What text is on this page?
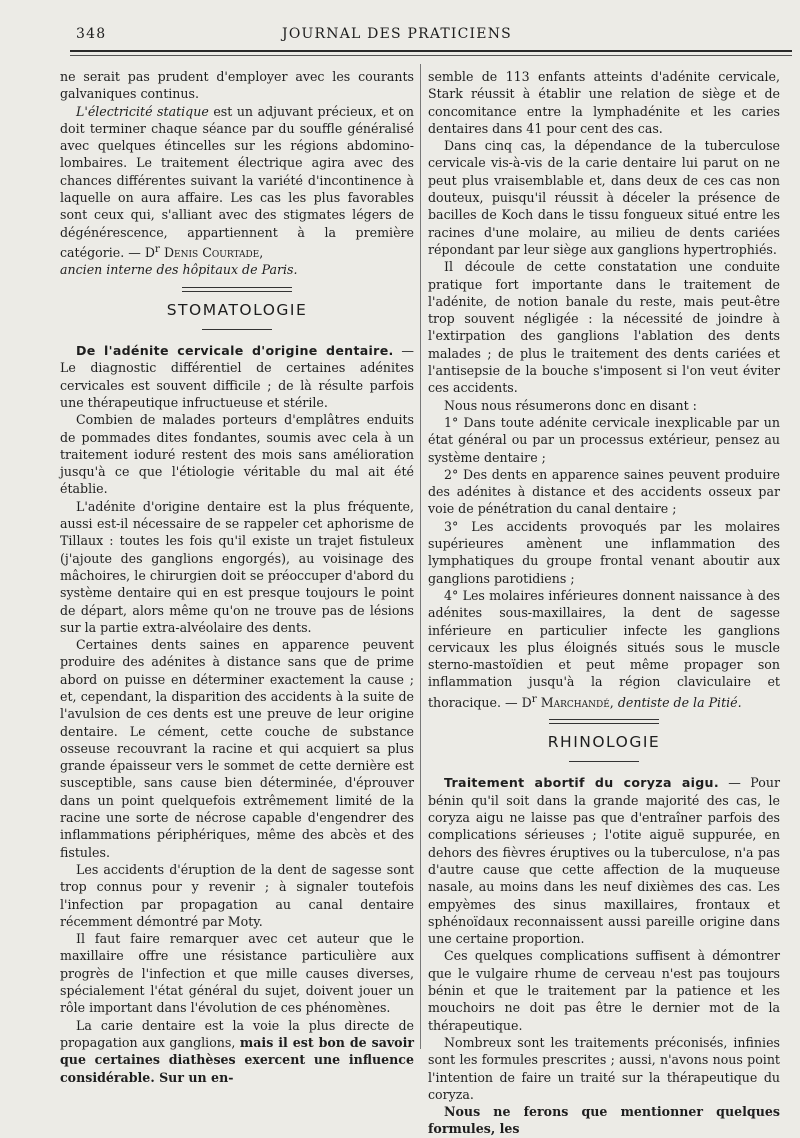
348	JOURNAL DES PRATICIENS

ne serait pas prudent d'employer avec les courants galvaniques continus.

L'électricité statique est un adjuvant précieux, et on doit terminer chaque séance par du souffle généralisé avec quelques étincelles sur les régions abdomino-lombaires. Le traitement électrique agira avec des chances différentes suivant la variété d'incontinence à laquelle on aura affaire. Les cas les plus favorables sont ceux qui, s'alliant avec des stigmates légers de dégénérescence, appartiennent à la première catégorie. — $D^r$ Denis Courtade,
ancien interne des hôpitaux de Paris.

STOMATOLOGIE

De l'adénite cervicale d'origine dentaire. — Le diagnostic différentiel de certaines adénites cervicales est souvent difficile ; de là résulte parfois une thérapeutique infructueuse et stérile.

Combien de malades porteurs d'emplâtres enduits de pommades dites fondantes, soumis avec cela à un traitement ioduré restent des mois sans amélioration jusqu'à ce que l'étiologie véritable du mal ait été établie.

L'adénite d'origine dentaire est la plus fréquente, aussi est-il nécessaire de se rappeler cet aphorisme de Tillaux : toutes les fois qu'il existe un trajet fistuleux (j'ajoute des ganglions engorgés), au voisinage des mâchoires, le chirurgien doit se préoccuper d'abord du système dentaire qui en est presque toujours le point de départ, alors même qu'on ne trouve pas de lésions sur la partie extra-alvéolaire des dents.

Certaines dents saines en apparence peuvent produire des adénites à distance sans que de prime abord on puisse en déterminer exactement la cause ; et, cependant, la disparition des accidents à la suite de l'avulsion de ces dents est une preuve de leur origine dentaire. Le cément, cette couche de substance osseuse recouvrant la racine et qui acquiert sa plus grande épaisseur vers le sommet de cette dernière est susceptible, sans cause bien déterminée, d'éprouver dans un point quelquefois extrêmement limité de la racine une sorte de nécrose capable d'engendrer des inflammations périphériques, même des abcès et des fistules.

Les accidents d'éruption de la dent de sagesse sont trop connus pour y revenir ; à signaler toutefois l'infection par propagation au canal dentaire récemment démontré par Moty.

Il faut faire remarquer avec cet auteur que le maxillaire offre une résistance particulière aux progrès de l'infection et que mille causes diverses, spécialement l'état général du sujet, doivent jouer un rôle important dans l'évolution de ces phénomènes.

La carie dentaire est la voie la plus directe de propagation aux ganglions, mais il est bon de savoir que certaines diathèses exercent une influence considérable. Sur un en-

semble de 113 enfants atteints d'adénite cervicale, Stark réussit à établir une relation de siège et de concomitance entre la lymphadénite et les caries dentaires dans 41 pour cent des cas.

Dans cinq cas, la dépendance de la tuberculose cervicale vis-à-vis de la carie dentaire lui parut on ne peut plus vraisemblable et, dans deux de ces cas non douteux, puisqu'il réussit à déceler la présence de bacilles de Koch dans le tissu fongueux situé entre les racines d'une molaire, au milieu de dents cariées répondant par leur siège aux ganglions hypertrophiés.

Il découle de cette constatation une conduite pratique fort importante dans le traitement de l'adénite, de notion banale du reste, mais peut-être trop souvent négligée : la nécessité de joindre à l'extirpation des ganglions l'ablation des dents malades ; de plus le traitement des dents cariées et l'antisepsie de la bouche s'imposent si l'on veut éviter ces accidents.

Nous nous résumerons donc en disant :

1° Dans toute adénite cervicale inexplicable par un état général ou par un processus extérieur, pensez au système dentaire ;

2° Des dents en apparence saines peuvent produire des adénites à distance et des accidents osseux par voie de pénétration du canal dentaire ;

3° Les accidents provoqués par les molaires supérieures amènent une inflammation des lymphatiques du groupe frontal venant aboutir aux ganglions parotidiens ;

4° Les molaires inférieures donnent naissance à des adénites sous-maxillaires, la dent de sagesse inférieure en particulier infecte les ganglions cervicaux les plus éloignés situés sous le muscle sterno-mastoïdien et peut même propager son inflammation jusqu'à la région claviculaire et thoracique. — $D^r$ Marchandé, dentiste de la Pitié.

RHINOLOGIE

Traitement abortif du coryza aigu. — Pour bénin qu'il soit dans la grande majorité des cas, le coryza aigu ne laisse pas que d'entraîner parfois des complications sérieuses ; l'otite aiguë suppurée, en dehors des fièvres éruptives ou la tuberculose, n'a pas d'autre cause que cette affection de la muqueuse nasale, au moins dans les neuf dixièmes des cas. Les empyèmes des sinus maxillaires, frontaux et sphénoïdaux reconnaissent aussi pareille origine dans une certaine proportion.

Ces quelques complications suffisent à démontrer que le vulgaire rhume de cerveau n'est pas toujours bénin et que le traitement par la patience et les mouchoirs ne doit pas être le dernier mot de la thérapeutique.

Nombreux sont les traitements préconisés, infinies sont les formules prescrites ; aussi, n'avons nous point l'intention de faire un traité sur la thérapeutique du coryza.

Nous ne ferons que mentionner quelques formules, les
